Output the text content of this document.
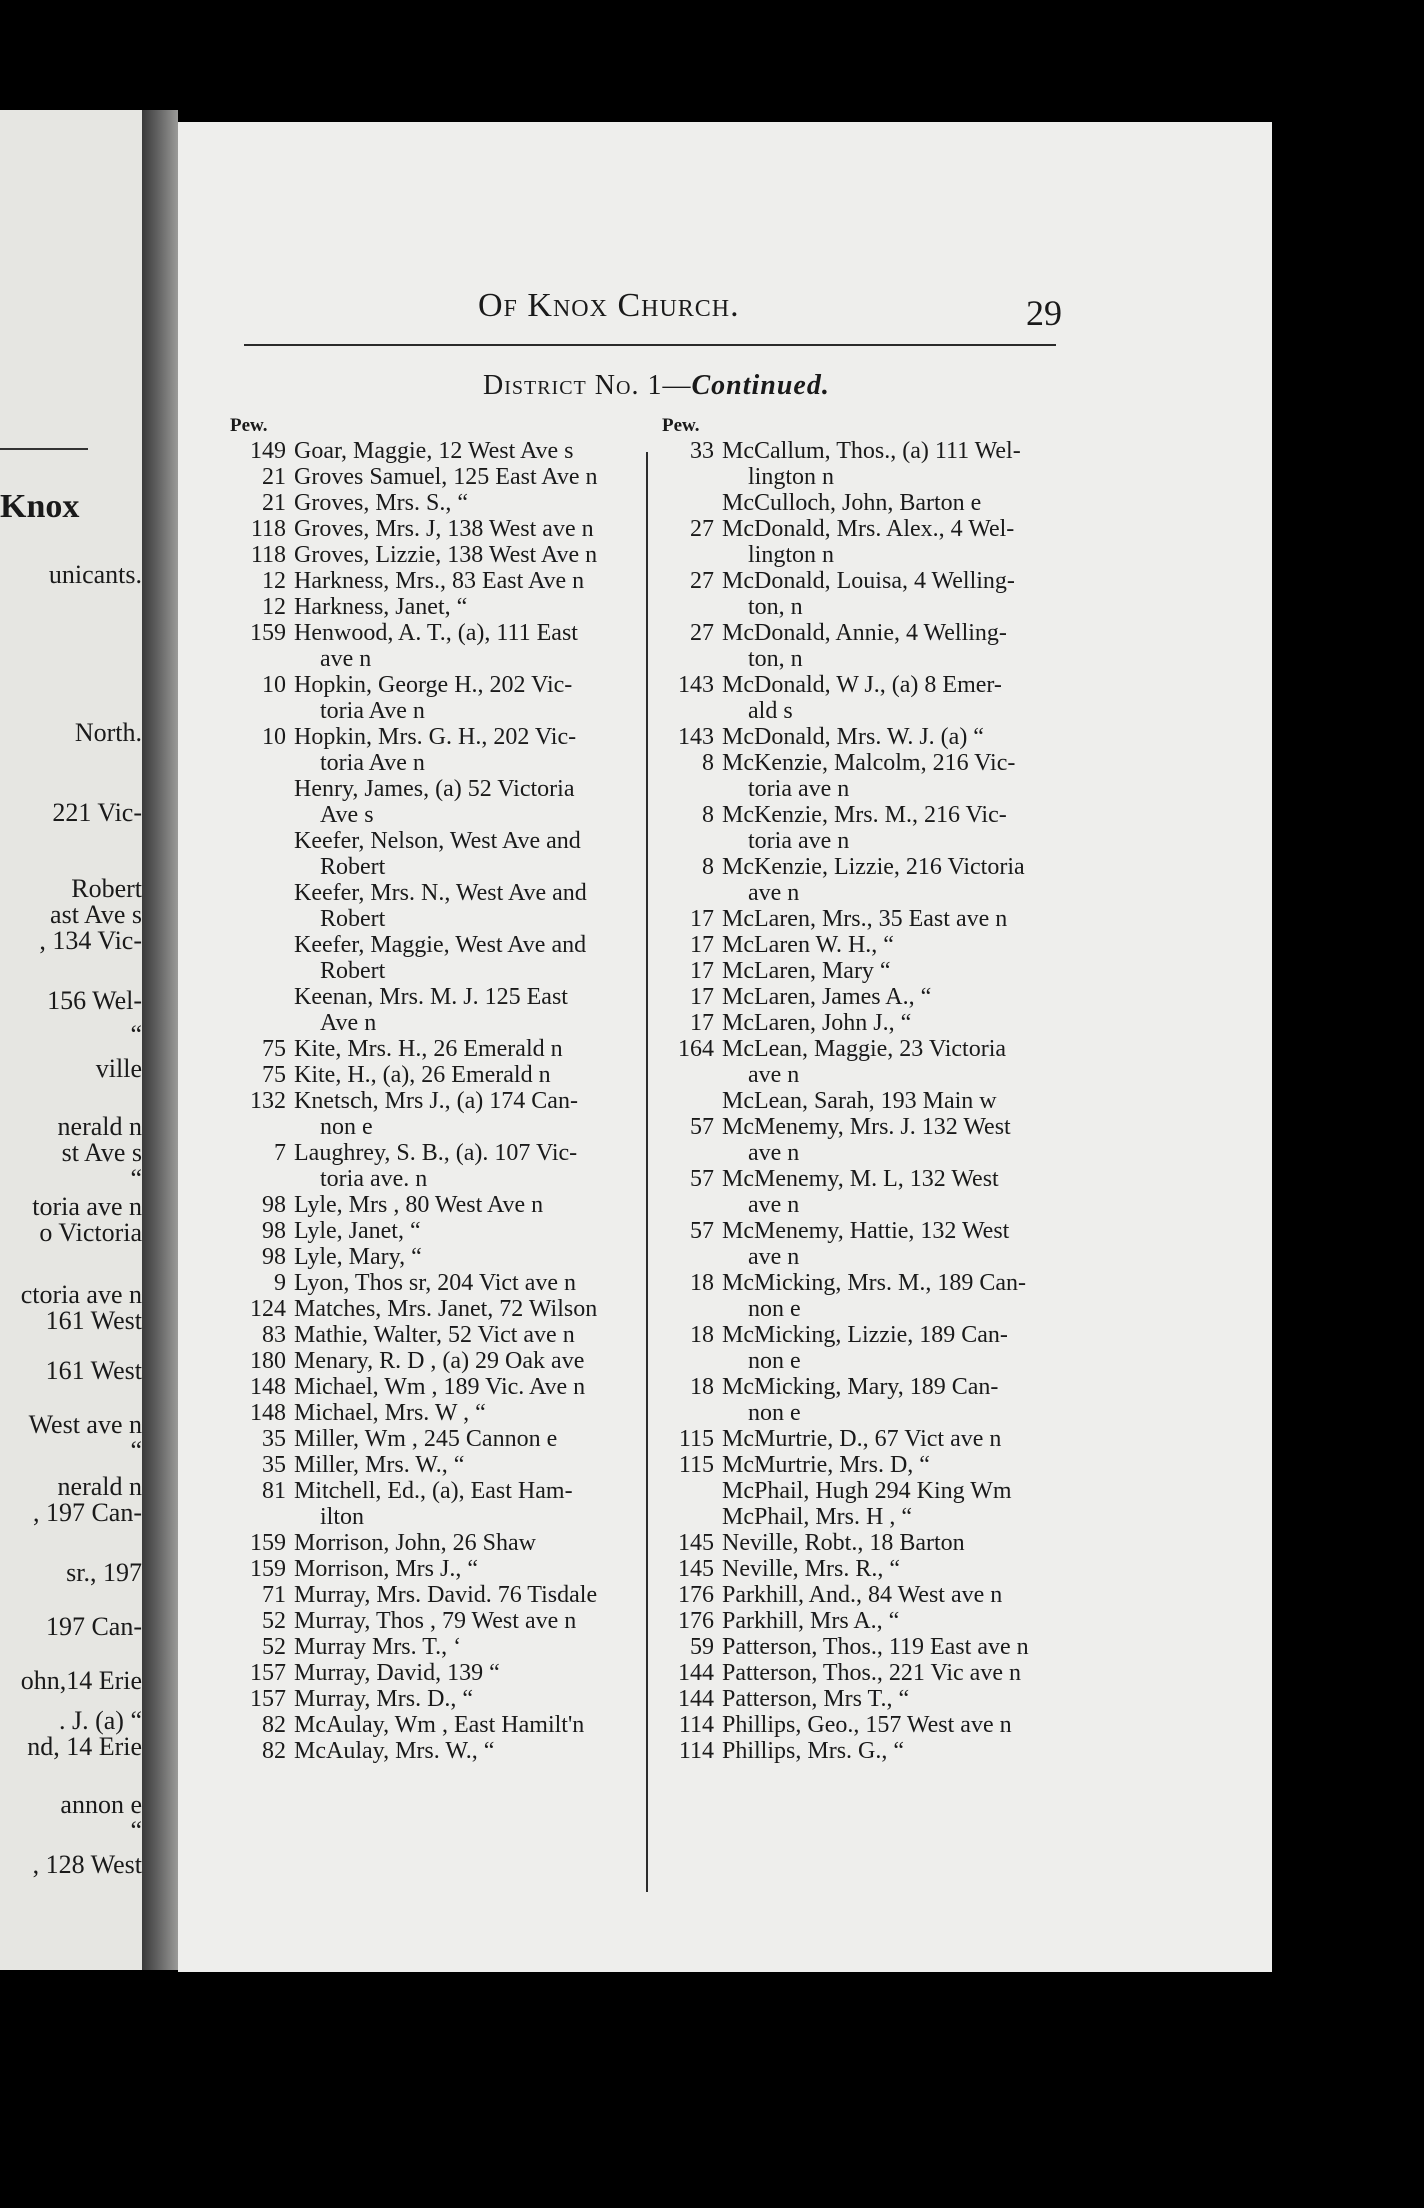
Knox
unicants.
North.
221 Vic-
Robert
ast Ave s
, 134 Vic-
156 Wel-
“
ville
nerald n
st Ave s
“
toria ave n
o Victoria
ctoria ave n
161 West
161 West
West ave n
“
nerald n
, 197 Can-
sr., 197
197 Can-
ohn,14 Erie
. J. (a) “
nd, 14 Erie
annon e
“
, 128 West
Of Knox Church.	29
District No. 1—Continued.
Pew.
149 Goar, Maggie, 12 West Ave s
21 Groves Samuel, 125 East Ave n
21 Groves, Mrs. S., “
118 Groves, Mrs. J, 138 West ave n
118 Groves, Lizzie, 138 West Ave n
12 Harkness, Mrs., 83 East Ave n
12 Harkness, Janet, “
159 Henwood, A. T., (a), 111 East
ave n
10 Hopkin, George H., 202 Vic-
toria Ave n
10 Hopkin, Mrs. G. H., 202 Vic-
toria Ave n
Henry, James, (a) 52 Victoria
Ave s
Keefer, Nelson, West Ave and
Robert
Keefer, Mrs. N., West Ave and
Robert
Keefer, Maggie, West Ave and
Robert
Keenan, Mrs. M. J. 125 East
Ave n
75 Kite, Mrs. H., 26 Emerald n
75 Kite, H., (a), 26 Emerald n
132 Knetsch, Mrs J., (a) 174 Can-
non e
7 Laughrey, S. B., (a). 107 Vic-
toria ave. n
98 Lyle, Mrs , 80 West Ave n
98 Lyle, Janet, “
98 Lyle, Mary, “
9 Lyon, Thos sr, 204 Vict ave n
124 Matches, Mrs. Janet, 72 Wilson
83 Mathie, Walter, 52 Vict ave n
180 Menary, R. D , (a) 29 Oak ave
148 Michael, Wm , 189 Vic. Ave n
148 Michael, Mrs. W , “
35 Miller, Wm , 245 Cannon e
35 Miller, Mrs. W., “
81 Mitchell, Ed., (a), East Ham-
ilton
159 Morrison, John, 26 Shaw
159 Morrison, Mrs J., “
71 Murray, Mrs. David. 76 Tisdale
52 Murray, Thos , 79 West ave n
52 Murray Mrs. T., ‘
157 Murray, David, 139 “
157 Murray, Mrs. D., “
82 McAulay, Wm , East Hamilt'n
82 McAulay, Mrs. W., “
Pew.
33 McCallum, Thos., (a) 111 Wel-
lington n
McCulloch, John, Barton e
27 McDonald, Mrs. Alex., 4 Wel-
lington n
27 McDonald, Louisa, 4 Welling-
ton, n
27 McDonald, Annie, 4 Welling-
ton, n
143 McDonald, W J., (a) 8 Emer-
ald s
143 McDonald, Mrs. W. J. (a) “
8 McKenzie, Malcolm, 216 Vic-
toria ave n
8 McKenzie, Mrs. M., 216 Vic-
toria ave n
8 McKenzie, Lizzie, 216 Victoria
ave n
17 McLaren, Mrs., 35 East ave n
17 McLaren W. H., “
17 McLaren, Mary “
17 McLaren, James A., “
17 McLaren, John J., “
164 McLean, Maggie, 23 Victoria
ave n
McLean, Sarah, 193 Main w
57 McMenemy, Mrs. J. 132 West
ave n
57 McMenemy, M. L, 132 West
ave n
57 McMenemy, Hattie, 132 West
ave n
18 McMicking, Mrs. M., 189 Can-
non e
18 McMicking, Lizzie, 189 Can-
non e
18 McMicking, Mary, 189 Can-
non e
115 McMurtrie, D., 67 Vict ave n
115 McMurtrie, Mrs. D, “
McPhail, Hugh 294 King Wm
McPhail, Mrs. H , “
145 Neville, Robt., 18 Barton
145 Neville, Mrs. R., “
176 Parkhill, And., 84 West ave n
176 Parkhill, Mrs A., “
59 Patterson, Thos., 119 East ave n
144 Patterson, Thos., 221 Vic ave n
144 Patterson, Mrs T., “
114 Phillips, Geo., 157 West ave n
114 Phillips, Mrs. G., “
